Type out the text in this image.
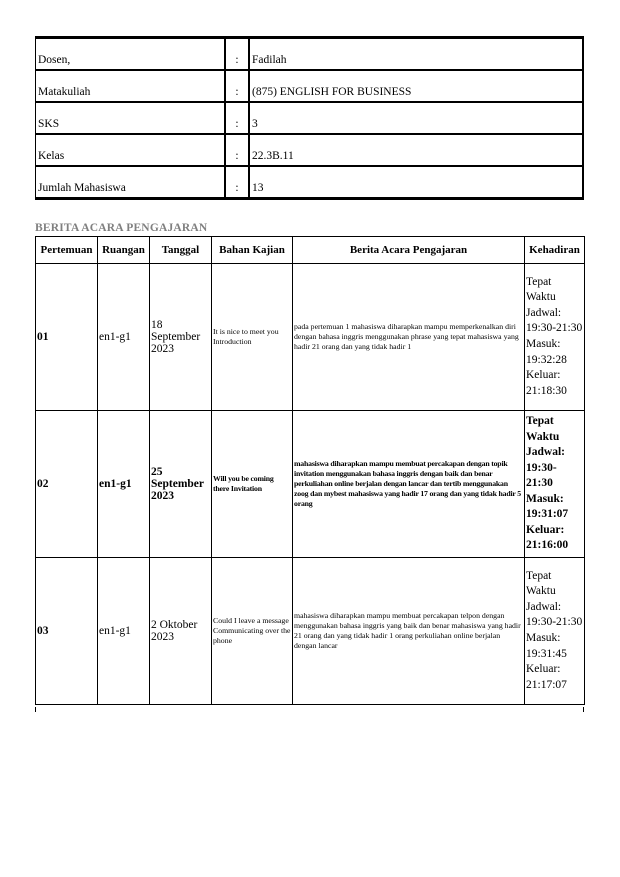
Dosen,	:	Fadilah
Matakuliah	:	(875) ENGLISH FOR BUSINESS
SKS	:	3
Kelas	:	22.3B.11
Jumlah Mahasiswa	:	13
BERITA ACARA PENGAJARAN
Pertemuan	Ruangan	Tanggal	Bahan Kajian	Berita Acara Pengajaran	Kehadiran
01	en1-g1	18 September 2023	It is nice to meet you Introduction	pada pertemuan 1 mahasiswa diharapkan mampu memperkenalkan diri dengan bahasa inggris menggunakan phrase yang tepat mahasiswa yang hadir 21 orang dan yang tidak hadir 1	Tepat Waktu Jadwal: 19:30-21:30 Masuk: 19:32:28 Keluar: 21:18:30
02	en1-g1	25 September 2023	Will you be coming there Invitation	mahasiswa diharapkan mampu membuat percakapan dengan topik invitation menggunakan bahasa inggris dengan baik dan benar perkuliahan online berjalan dengan lancar dan tertib menggunakan zoog dan mybest mahasiswa yang hadir 17 orang dan yang tidak hadir 5 orang	Tepat Waktu Jadwal: 19:30-21:30 Masuk: 19:31:07 Keluar: 21:16:00
03	en1-g1	2 Oktober 2023	Could I leave a message Communicating over the phone	mahasiswa diharapkan mampu membuat percakapan telpon dengan menggunakan bahasa inggris yang baik dan benar mahasiswa yang hadir 21 orang dan yang tidak hadir 1 orang perkuliahan online berjalan dengan lancar	Tepat Waktu Jadwal: 19:30-21:30 Masuk: 19:31:45 Keluar: 21:17:07
